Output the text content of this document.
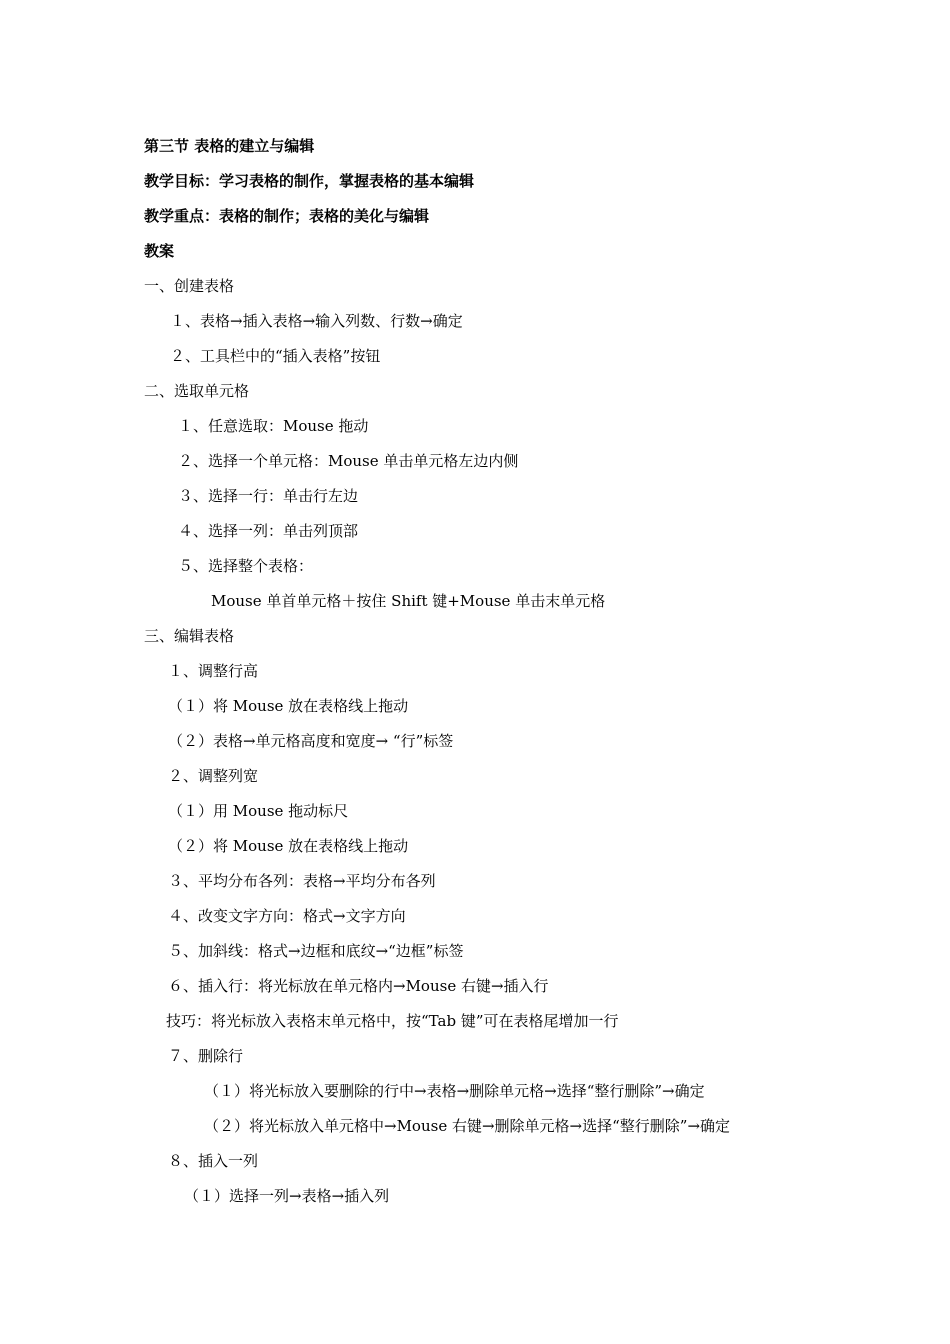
第三节 表格的建立与编辑
教学目标：学习表格的制作，掌握表格的基本编辑
教学重点：表格的制作；表格的美化与编辑
教案
一、创建表格
１、表格→插入表格→输入列数、行数→确定
２、工具栏中的“插入表格”按钮
二、选取单元格
１、任意选取：Mouse 拖动
２、选择一个单元格：Mouse 单击单元格左边内侧
３、选择一行：单击行左边
４、选择一列：单击列顶部
５、选择整个表格：
Mouse 单首单元格＋按住 Shift 键+Mouse 单击末单元格
三、编辑表格
１、调整行高
（１）将 Mouse 放在表格线上拖动
（２）表格→单元格高度和宽度→ “行”标签
２、调整列宽
（１）用 Mouse 拖动标尺
（２）将 Mouse 放在表格线上拖动
３、平均分布各列：表格→平均分布各列
４、改变文字方向：格式→文字方向
５、加斜线：格式→边框和底纹→“边框”标签
６、插入行：将光标放在单元格内→Mouse 右键→插入行
技巧：将光标放入表格末单元格中，按“Tab 键”可在表格尾增加一行
７、删除行
（１）将光标放入要删除的行中→表格→删除单元格→选择“整行删除”→确定
（２）将光标放入单元格中→Mouse 右键→删除单元格→选择“整行删除”→确定
８、插入一列
（１）选择一列→表格→插入列
